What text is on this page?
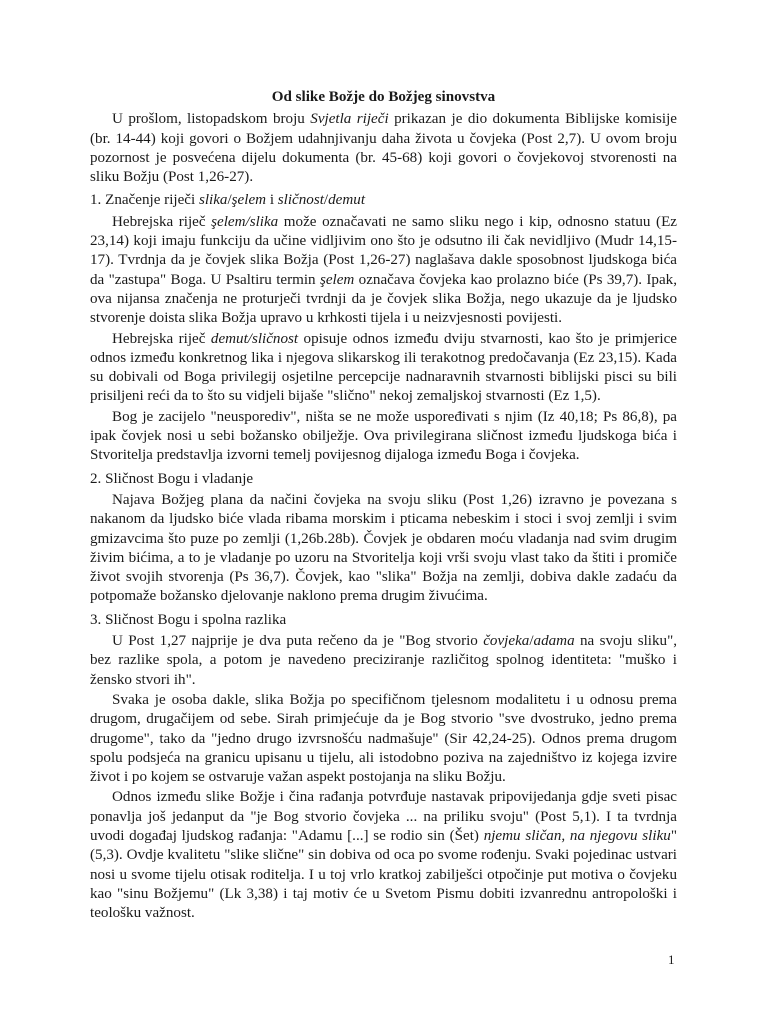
Od slike Božje do Božjeg sinovstva

U prošlom, listopadskom broju Svjetla riječi prikazan je dio dokumenta Biblijske komisije (br. 14-44) koji govori o Božjem udahnjivanju daha života u čovjeka (Post 2,7). U ovom broju pozornost je posvećena dijelu dokumenta (br. 45-68) koji govori o čovjekovoj stvorenosti na sliku Božju (Post 1,26-27).

1. Značenje riječi slika/şelem i sličnost/demut

Hebrejska riječ şelem/slika može označavati ne samo sliku nego i kip, odnosno statuu (Ez 23,14) koji imaju funkciju da učine vidljivim ono što je odsutno ili čak nevidljivo (Mudr 14,15-17). Tvrdnja da je čovjek slika Božja (Post 1,26-27) naglašava dakle sposobnost ljudskoga bića da "zastupa" Boga. U Psaltiru termin şelem označava čovjeka kao prolazno biće (Ps 39,7). Ipak, ova nijansa značenja ne proturječi tvrdnji da je čovjek slika Božja, nego ukazuje da je ljudsko stvorenje doista slika Božja upravo u krhkosti tijela i u neizvjesnosti povijesti.

Hebrejska riječ demut/sličnost opisuje odnos između dviju stvarnosti, kao što je primjerice odnos između konkretnog lika i njegova slikarskog ili terakotnog predočavanja (Ez 23,15). Kada su dobivali od Boga privilegij osjetilne percepcije nadnaravnih stvarnosti biblijski pisci su bili prisiljeni reći da to što su vidjeli bijaše "slično" nekoj zemaljskoj stvarnosti (Ez 1,5).

Bog je zacijelo "neusporediv", ništa se ne može uspoređivati s njim (Iz 40,18; Ps 86,8), pa ipak čovjek nosi u sebi božansko obilježje. Ova privilegirana sličnost između ljudskoga bića i Stvoritelja predstavlja izvorni temelj povijesnog dijaloga između Boga i čovjeka.

2. Sličnost Bogu i vladanje

Najava Božjeg plana da načini čovjeka na svoju sliku (Post 1,26) izravno je povezana s nakanom da ljudsko biće vlada ribama morskim i pticama nebeskim i stoci i svoj zemlji i svim gmizavcima što puze po zemlji (1,26b.28b). Čovjek je obdaren moću vladanja nad svim drugim živim bićima, a to je vladanje po uzoru na Stvoritelja koji vrši svoju vlast tako da štiti i promiče život svojih stvorenja (Ps 36,7). Čovjek, kao "slika" Božja na zemlji, dobiva dakle zadaću da potpomaže božansko djelovanje naklono prema drugim živućima.

3. Sličnost Bogu i spolna razlika

U Post 1,27 najprije je dva puta rečeno da je "Bog stvorio čovjeka/adama na svoju sliku", bez razlike spola, a potom je navedeno preciziranje različitog spolnog identiteta: "muško i žensko stvori ih".

Svaka je osoba dakle, slika Božja po specifičnom tjelesnom modalitetu i u odnosu prema drugom, drugačijem od sebe. Sirah primjećuje da je Bog stvorio "sve dvostruko, jedno prema drugome", tako da "jedno drugo izvrsnošću nadmašuje" (Sir 42,24-25). Odnos prema drugom spolu podsjeća na granicu upisanu u tijelu, ali istodobno poziva na zajedništvo iz kojega izvire život i po kojem se ostvaruje važan aspekt postojanja na sliku Božju.

Odnos između slike Božje i čina rađanja potvrđuje nastavak pripovijedanja gdje sveti pisac ponavlja još jedanput da "je Bog stvorio čovjeka ... na priliku svoju" (Post 5,1). I ta tvrdnja uvodi događaj ljudskog rađanja: "Adamu [...] se rodio sin (Šet) njemu sličan, na njegovu sliku" (5,3). Ovdje kvalitetu "slike slične" sin dobiva od oca po svome rođenju. Svaki pojedinac ustvari nosi u svome tijelu otisak roditelja. I u toj vrlo kratkoj zabilješci otpočinje put motiva o čovjeku kao "sinu Božjemu" (Lk 3,38) i taj motiv će u Svetom Pismu dobiti izvanrednu antropološki i teološku važnost.

1
